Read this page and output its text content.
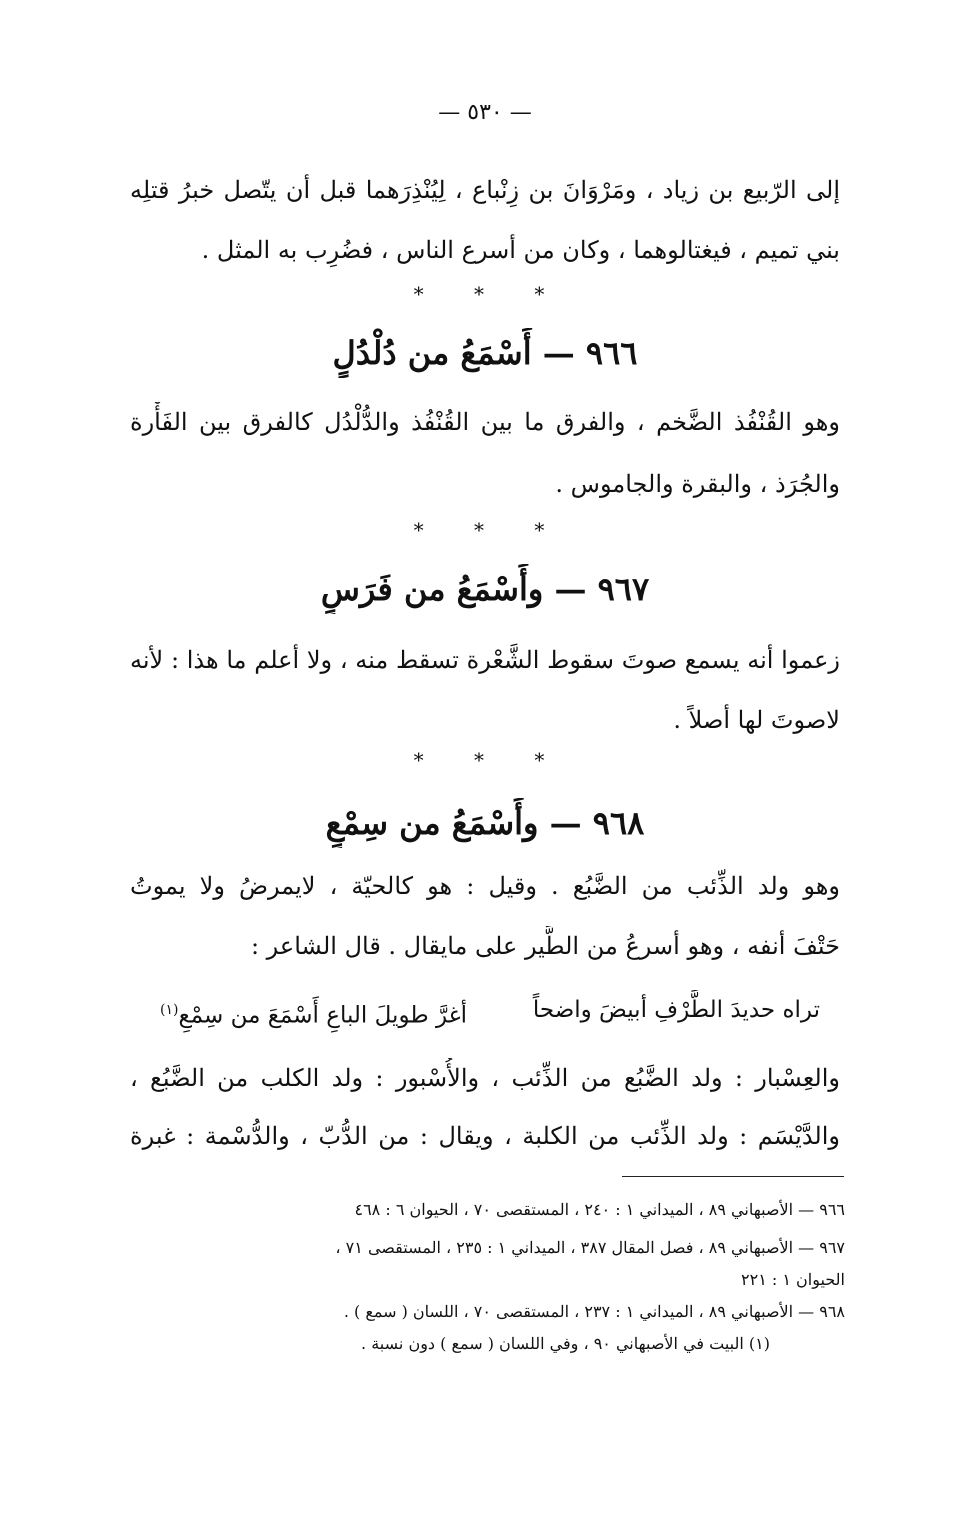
— ٥٣٠ —
إلى الرّبيع بن زياد ، ومَرْوَانَ بن زِنْباع ، لِيُنْذِرَهما قبل أن يتّصل خبرُ قتلِه
بني تميم ، فيغتالوهما ، وكان من أسرع الناس ، فضُرِب به المثل .
* * *
٩٦٦ — أَسْمَعُ من دُلْدُلٍ
وهو القُنْفُذ الضَّخم ، والفرق ما بين القُنْفُذ والدُّلْدُل كالفرق بين الفَأْرة
والجُرَذ ، والبقرة والجاموس .
* * *
٩٦٧ — وأَسْمَعُ من فَرَسٍ
زعموا أنه يسمع صوتَ سقوط الشَّعْرة تسقط منه ، ولا أعلم ما هذا : لأنه
لاصوتَ لها أصلاً .
* * *
٩٦٨ — وأَسْمَعُ من سِمْعٍ
وهو ولد الذِّئب من الضَّبُع . وقيل : هو كالحيّة ، لايمرضُ ولا يموتُ
حَتْفَ أنفه ، وهو أسرعُ من الطَّير على مايقال . قال الشاعر :
تراه حديدَ الطَّرْفِ أبيضَ واضحاً
أغرَّ طويلَ الباعِ أَسْمَعَ من سِمْعِ$^{(١)}$
والعِسْبار : ولد الضَّبُع من الذِّئب ، والأُسْبور : ولد الكلب من الضَّبُع ،
والدَّيْسَم : ولد الذِّئب من الكلبة ، ويقال : من الدُّبّ ، والدُّسْمة : غبرة
٩٦٦ — الأصبهاني ٨٩ ، الميداني ١ : ٢٤٠ ، المستقصى ٧٠ ، الحيوان ٦ : ٤٦٨
٩٦٧ — الأصبهاني ٨٩ ، فصل المقال ٣٨٧ ، الميداني ١ : ٢٣٥ ، المستقصى ٧١ ،
الحيوان ١ : ٢٢١
٩٦٨ — الأصبهاني ٨٩ ، الميداني ١ : ٢٣٧ ، المستقصى ٧٠ ، اللسان ( سمع ) .
(١) البيت في الأصبهاني ٩٠ ، وفي اللسان ( سمع ) دون نسبة .
